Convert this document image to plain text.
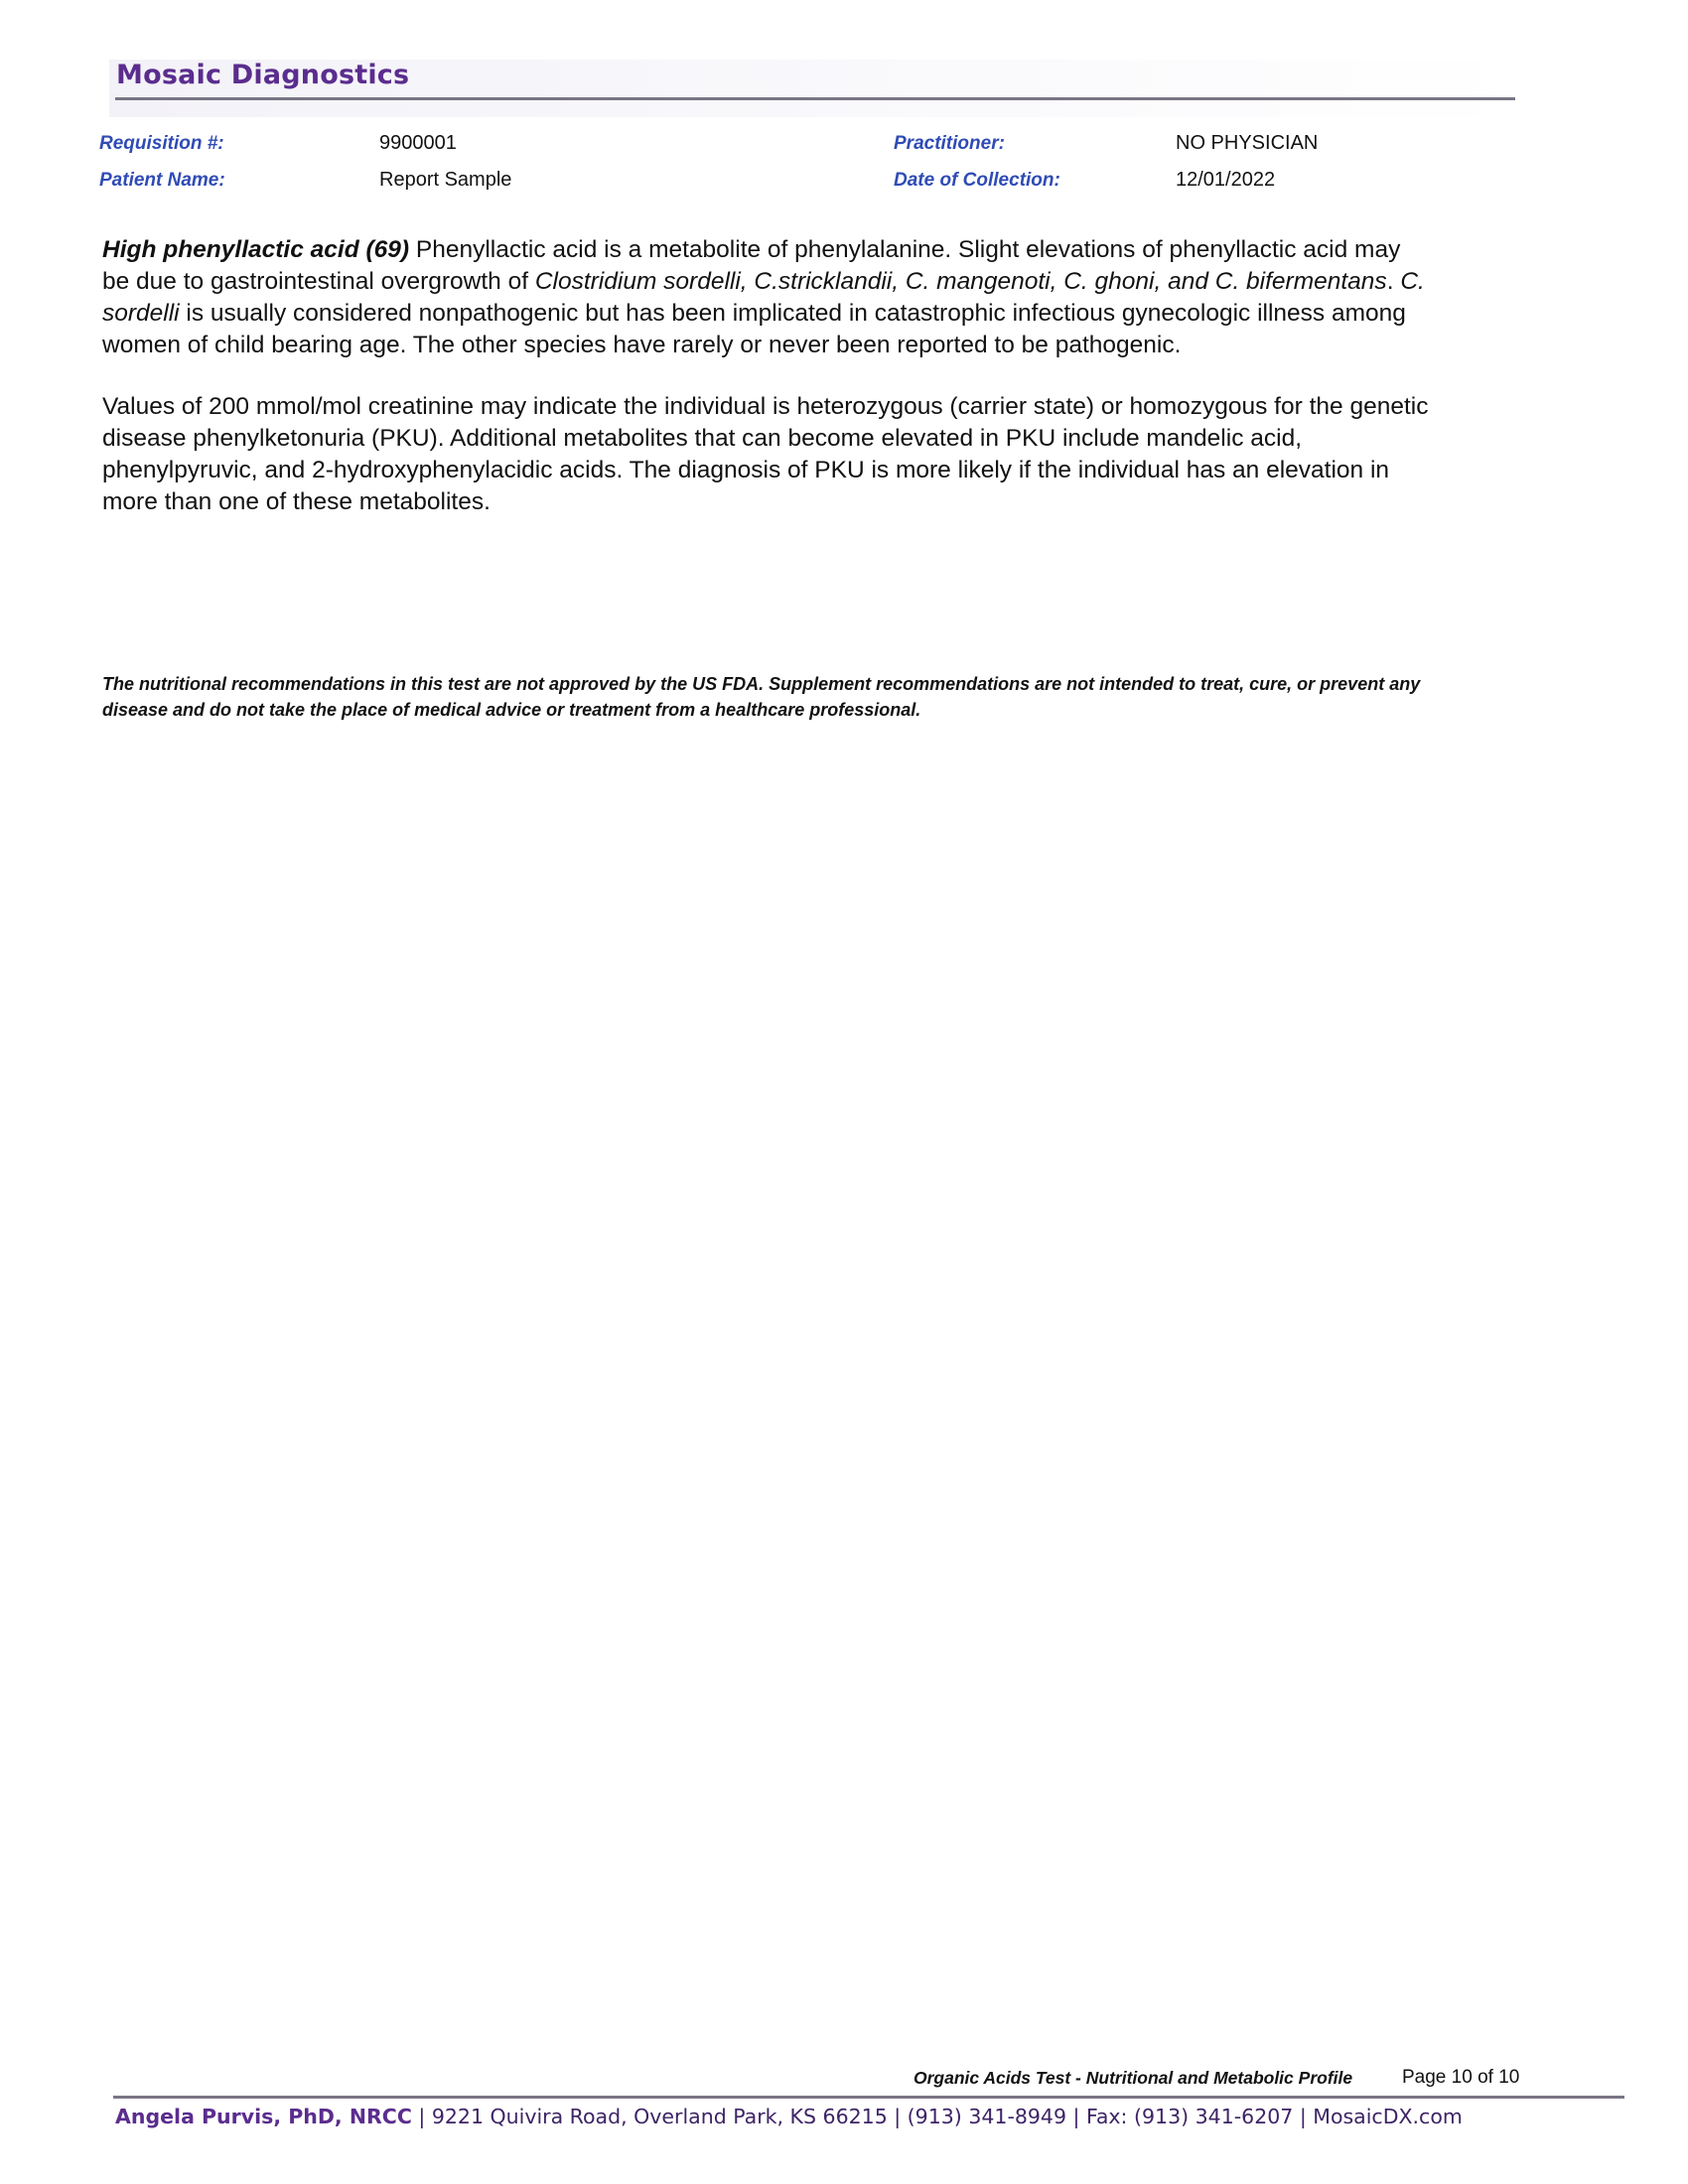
Mosaic Diagnostics
Requisition #:	9900001
Patient Name:	Report Sample
Practitioner:	NO PHYSICIAN
Date of Collection:	12/01/2022

High phenyllactic acid (69) Phenyllactic acid is a metabolite of phenylalanine. Slight elevations of phenyllactic acid may be due to gastrointestinal overgrowth of Clostridium sordelli, C.stricklandii, C. mangenoti, C. ghoni, and C. bifermentans. C. sordelli is usually considered nonpathogenic but has been implicated in catastrophic infectious gynecologic illness among women of child bearing age. The other species have rarely or never been reported to be pathogenic.

Values of 200 mmol/mol creatinine may indicate the individual is heterozygous (carrier state) or homozygous for the genetic disease phenylketonuria (PKU). Additional metabolites that can become elevated in PKU include mandelic acid, phenylpyruvic, and 2-hydroxyphenylacidic acids. The diagnosis of PKU is more likely if the individual has an elevation in more than one of these metabolites.

The nutritional recommendations in this test are not approved by the US FDA. Supplement recommendations are not intended to treat, cure, or prevent any disease and do not take the place of medical advice or treatment from a healthcare professional.

Organic Acids Test - Nutritional and Metabolic Profile	Page 10 of 10
Angela Purvis, PhD, NRCC | 9221 Quivira Road, Overland Park, KS 66215 | (913) 341-8949 | Fax: (913) 341-6207 | MosaicDX.com
